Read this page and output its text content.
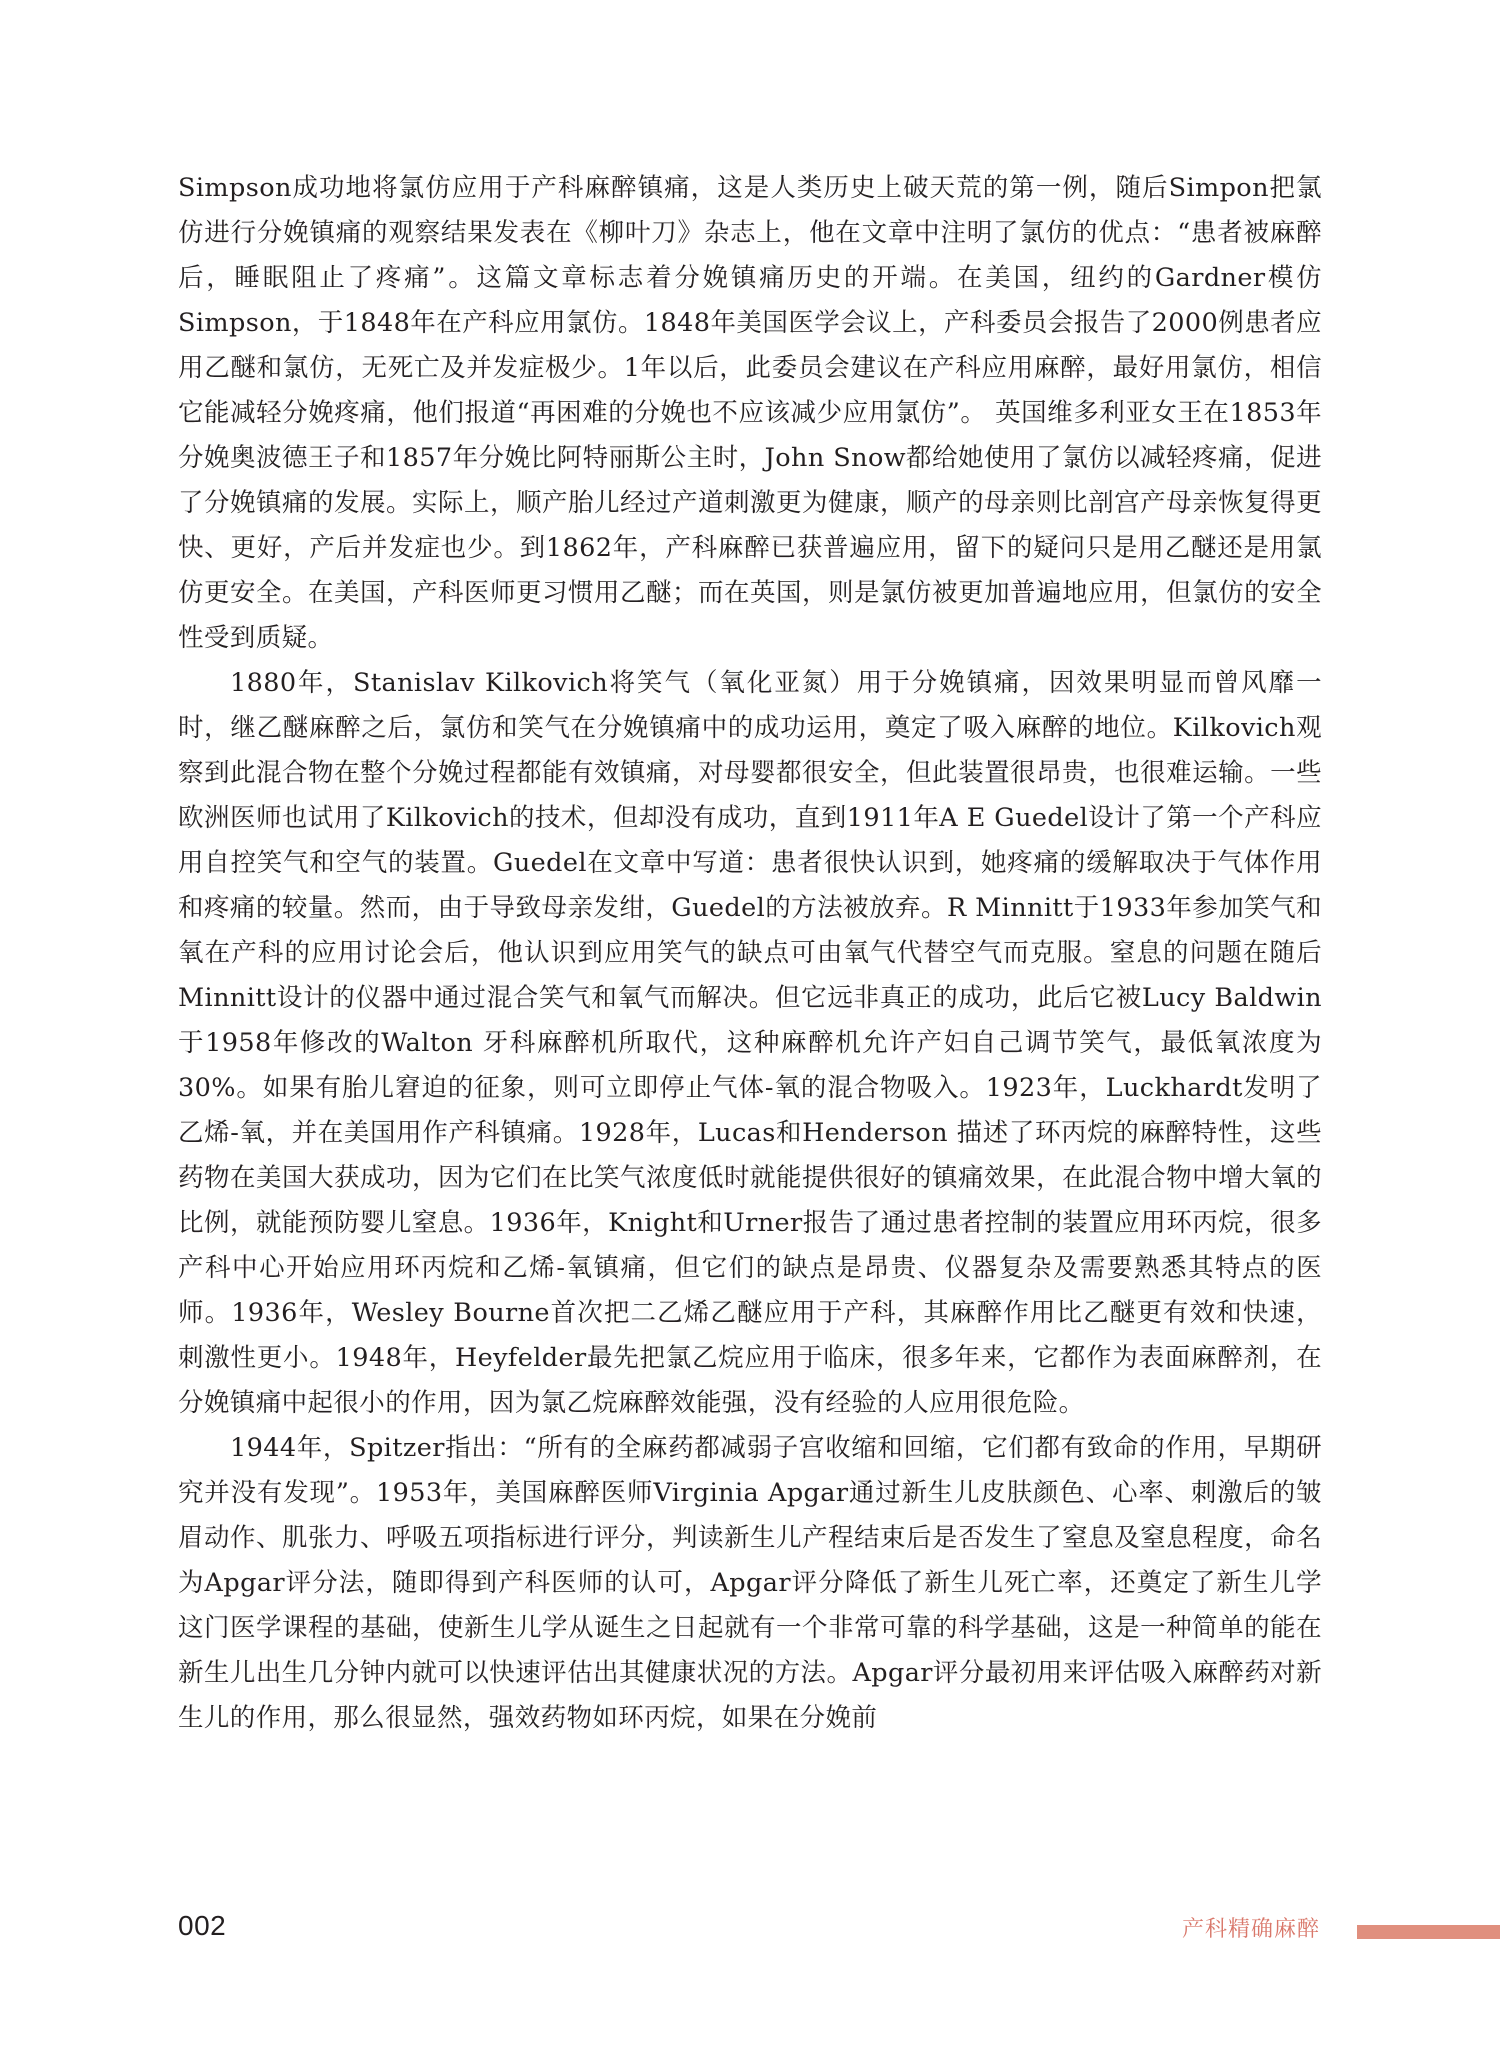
Simpson成功地将氯仿应用于产科麻醉镇痛，这是人类历史上破天荒的第一例，随后Simpon把氯仿进行分娩镇痛的观察结果发表在《柳叶刀》杂志上，他在文章中注明了氯仿的优点：“患者被麻醉后，睡眠阻止了疼痛”。这篇文章标志着分娩镇痛历史的开端。在美国，纽约的Gardner模仿Simpson，于1848年在产科应用氯仿。1848年美国医学会议上，产科委员会报告了2000例患者应用乙醚和氯仿，无死亡及并发症极少。1年以后，此委员会建议在产科应用麻醉，最好用氯仿，相信它能减轻分娩疼痛，他们报道“再困难的分娩也不应该减少应用氯仿”。 英国维多利亚女王在1853年分娩奥波德王子和1857年分娩比阿特丽斯公主时，John Snow都给她使用了氯仿以减轻疼痛，促进了分娩镇痛的发展。实际上，顺产胎儿经过产道刺激更为健康，顺产的母亲则比剖宫产母亲恢复得更快、更好，产后并发症也少。到1862年，产科麻醉已获普遍应用，留下的疑问只是用乙醚还是用氯仿更安全。在美国，产科医师更习惯用乙醚；而在英国，则是氯仿被更加普遍地应用，但氯仿的安全性受到质疑。

1880年，Stanislav Kilkovich将笑气（氧化亚氮）用于分娩镇痛，因效果明显而曾风靡一时，继乙醚麻醉之后，氯仿和笑气在分娩镇痛中的成功运用，奠定了吸入麻醉的地位。Kilkovich观察到此混合物在整个分娩过程都能有效镇痛，对母婴都很安全，但此装置很昂贵，也很难运输。一些欧洲医师也试用了Kilkovich的技术，但却没有成功，直到1911年A E Guedel设计了第一个产科应用自控笑气和空气的装置。Guedel在文章中写道：患者很快认识到，她疼痛的缓解取决于气体作用和疼痛的较量。然而，由于导致母亲发绀，Guedel的方法被放弃。R Minnitt于1933年参加笑气和氧在产科的应用讨论会后，他认识到应用笑气的缺点可由氧气代替空气而克服。窒息的问题在随后Minnitt设计的仪器中通过混合笑气和氧气而解决。但它远非真正的成功，此后它被Lucy Baldwin于1958年修改的Walton 牙科麻醉机所取代，这种麻醉机允许产妇自己调节笑气，最低氧浓度为30%。如果有胎儿窘迫的征象，则可立即停止气体-氧的混合物吸入。1923年，Luckhardt发明了乙烯-氧，并在美国用作产科镇痛。1928年，Lucas和Henderson 描述了环丙烷的麻醉特性，这些药物在美国大获成功，因为它们在比笑气浓度低时就能提供很好的镇痛效果，在此混合物中增大氧的比例，就能预防婴儿窒息。1936年，Knight和Urner报告了通过患者控制的装置应用环丙烷，很多产科中心开始应用环丙烷和乙烯-氧镇痛，但它们的缺点是昂贵、仪器复杂及需要熟悉其特点的医师。1936年，Wesley Bourne首次把二乙烯乙醚应用于产科，其麻醉作用比乙醚更有效和快速，刺激性更小。1948年，Heyfelder最先把氯乙烷应用于临床，很多年来，它都作为表面麻醉剂，在分娩镇痛中起很小的作用，因为氯乙烷麻醉效能强，没有经验的人应用很危险。

1944年，Spitzer指出：“所有的全麻药都减弱子宫收缩和回缩，它们都有致命的作用，早期研究并没有发现”。1953年，美国麻醉医师Virginia Apgar通过新生儿皮肤颜色、心率、刺激后的皱眉动作、肌张力、呼吸五项指标进行评分，判读新生儿产程结束后是否发生了窒息及窒息程度，命名为Apgar评分法，随即得到产科医师的认可，Apgar评分降低了新生儿死亡率，还奠定了新生儿学这门医学课程的基础，使新生儿学从诞生之日起就有一个非常可靠的科学基础，这是一种简单的能在新生儿出生几分钟内就可以快速评估出其健康状况的方法。Apgar评分最初用来评估吸入麻醉药对新生儿的作用，那么很显然，强效药物如环丙烷，如果在分娩前

002	产科精确麻醉
